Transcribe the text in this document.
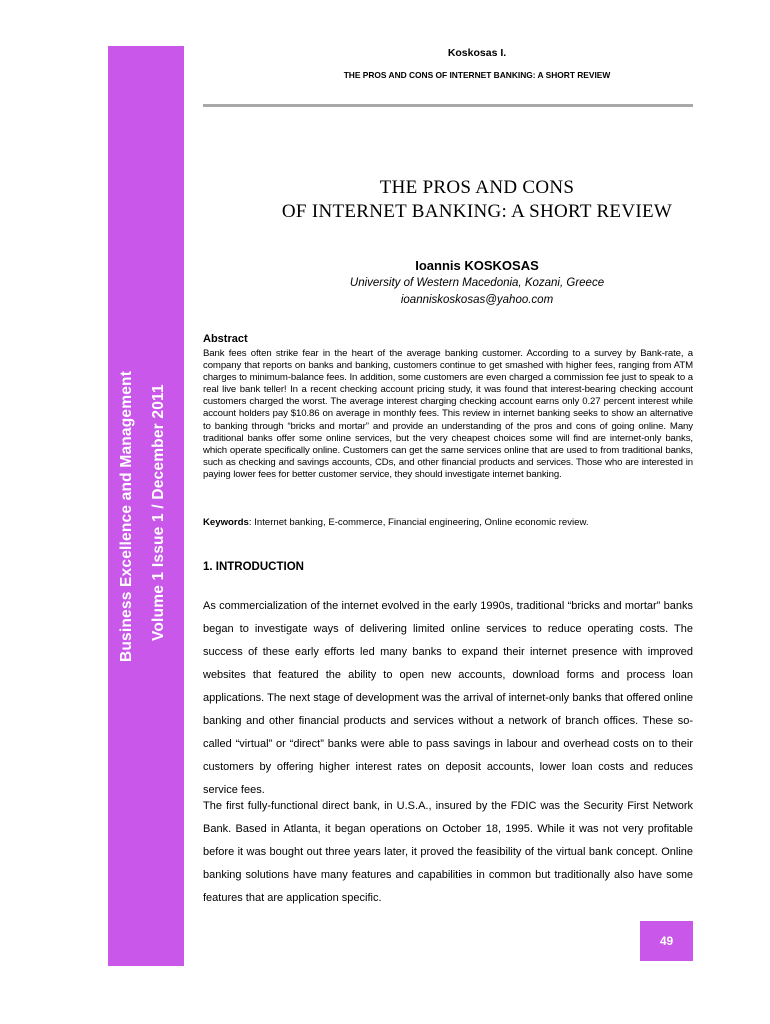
Business Excellence and Management Volume 1 Issue 1 / December 2011
Koskosas I.
THE PROS AND CONS OF INTERNET BANKING: A SHORT REVIEW
THE PROS AND CONS
OF INTERNET BANKING: A SHORT REVIEW
Ioannis KOSKOSAS
University of Western Macedonia, Kozani, Greece
ioanniskoskosas@yahoo.com
Abstract
Bank fees often strike fear in the heart of the average banking customer. According to a survey by Bank-rate, a company that reports on banks and banking, customers continue to get smashed with higher fees, ranging from ATM charges to minimum-balance fees. In addition, some customers are even charged a commission fee just to speak to a real live bank teller! In a recent checking account pricing study, it was found that interest-bearing checking account customers charged the worst. The average interest charging checking account earns only 0.27 percent interest while account holders pay $10.86 on average in monthly fees. This review in internet banking seeks to show an alternative to banking through “bricks and mortar” and provide an understanding of the pros and cons of going online. Many traditional banks offer some online services, but the very cheapest choices some will find are internet-only banks, which operate specifically online. Customers can get the same services online that are used to from traditional banks, such as checking and savings accounts, CDs, and other financial products and services. Those who are interested in paying lower fees for better customer service, they should investigate internet banking.
Keywords: Internet banking, E-commerce, Financial engineering, Online economic review.
1. INTRODUCTION
As commercialization of the internet evolved in the early 1990s, traditional “bricks and mortar” banks began to investigate ways of delivering limited online services to reduce operating costs. The success of these early efforts led many banks to expand their internet presence with improved websites that featured the ability to open new accounts, download forms and process loan applications. The next stage of development was the arrival of internet-only banks that offered online banking and other financial products and services without a network of branch offices. These so-called “virtual” or “direct” banks were able to pass savings in labour and overhead costs on to their customers by offering higher interest rates on deposit accounts, lower loan costs and reduces service fees.
The first fully-functional direct bank, in U.S.A., insured by the FDIC was the Security First Network Bank. Based in Atlanta, it began operations on October 18, 1995. While it was not very profitable before it was bought out three years later, it proved the feasibility of the virtual bank concept. Online banking solutions have many features and capabilities in common but traditionally also have some features that are application specific.
49
